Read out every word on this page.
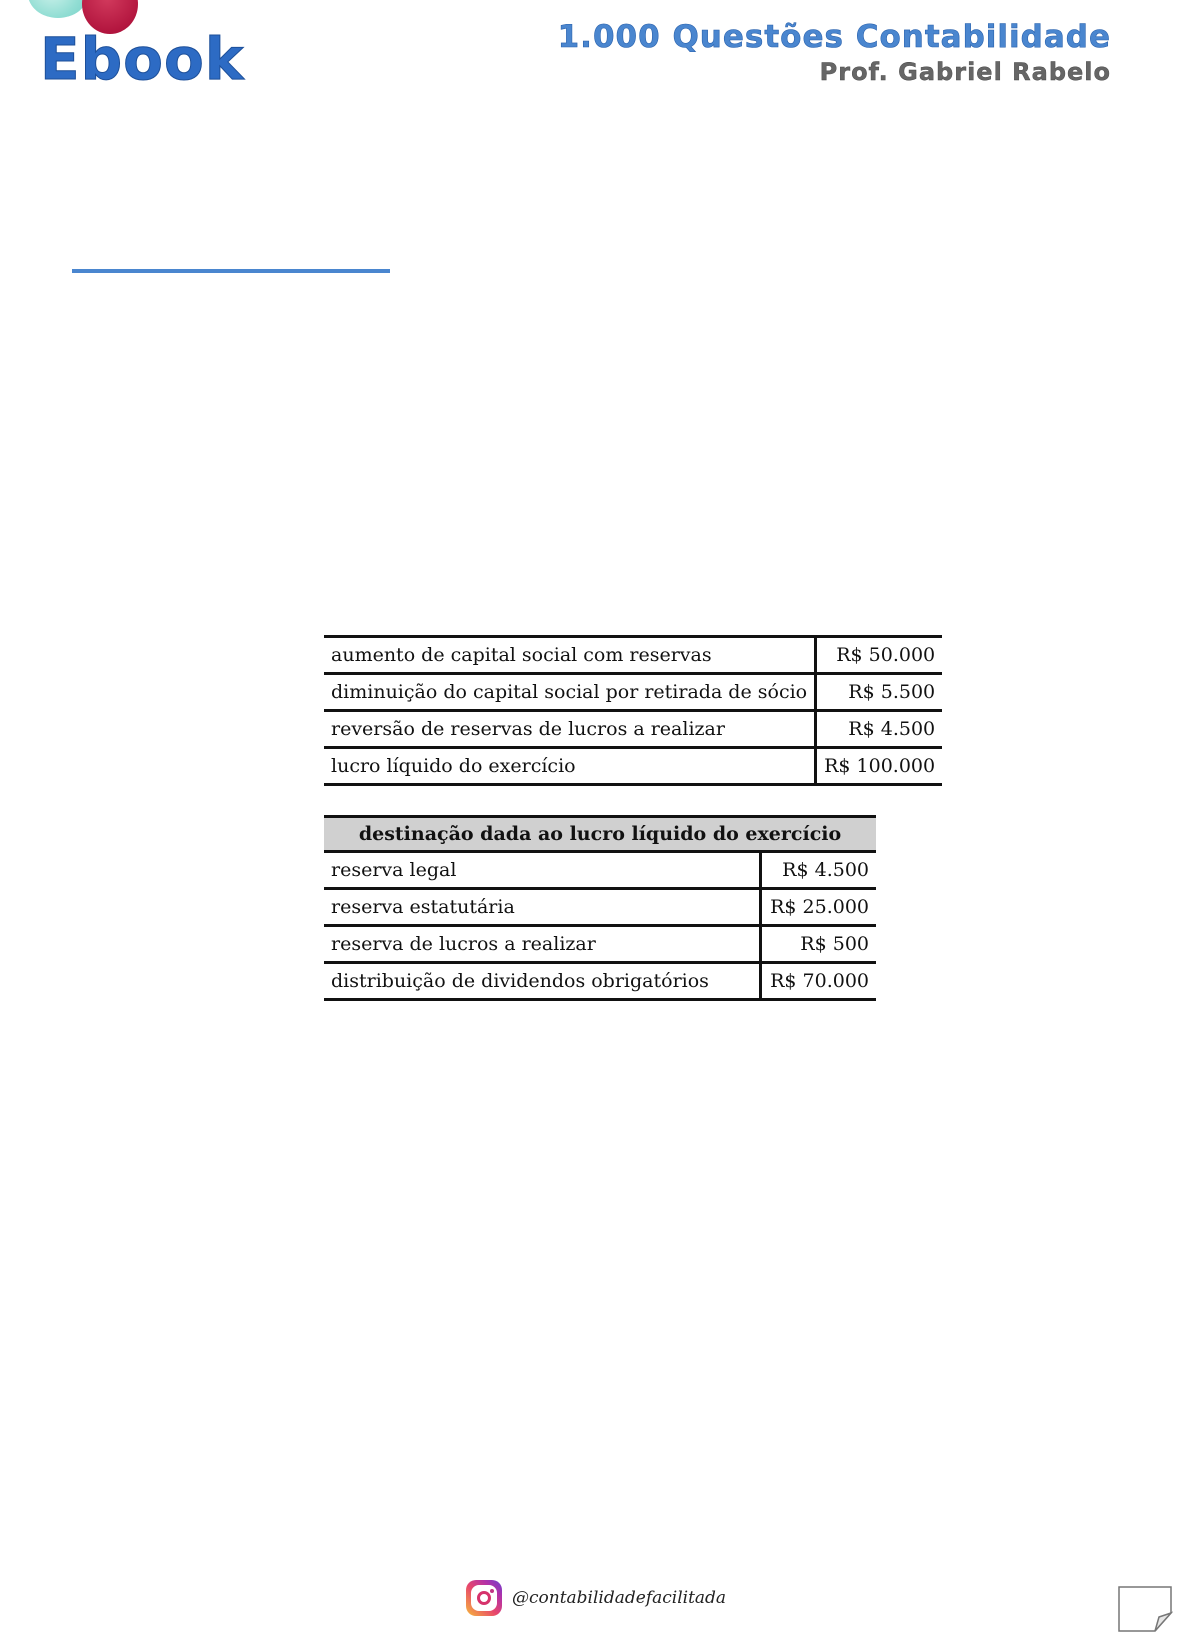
Ebook	1.000 Questões Contabilidade
Prof. Gabriel Rabelo
aumento de capital social com reservas	R$ 50.000
diminuição do capital social por retirada de sócio	R$ 5.500
reversão de reservas de lucros a realizar	R$ 4.500
lucro líquido do exercício	R$ 100.000
destinação dada ao lucro líquido do exercício	
reserva legal	R$ 4.500
reserva estatutária	R$ 25.000
reserva de lucros a realizar	R$ 500
distribuição de dividendos obrigatórios	R$ 70.000
@contabilidadefacilitada
